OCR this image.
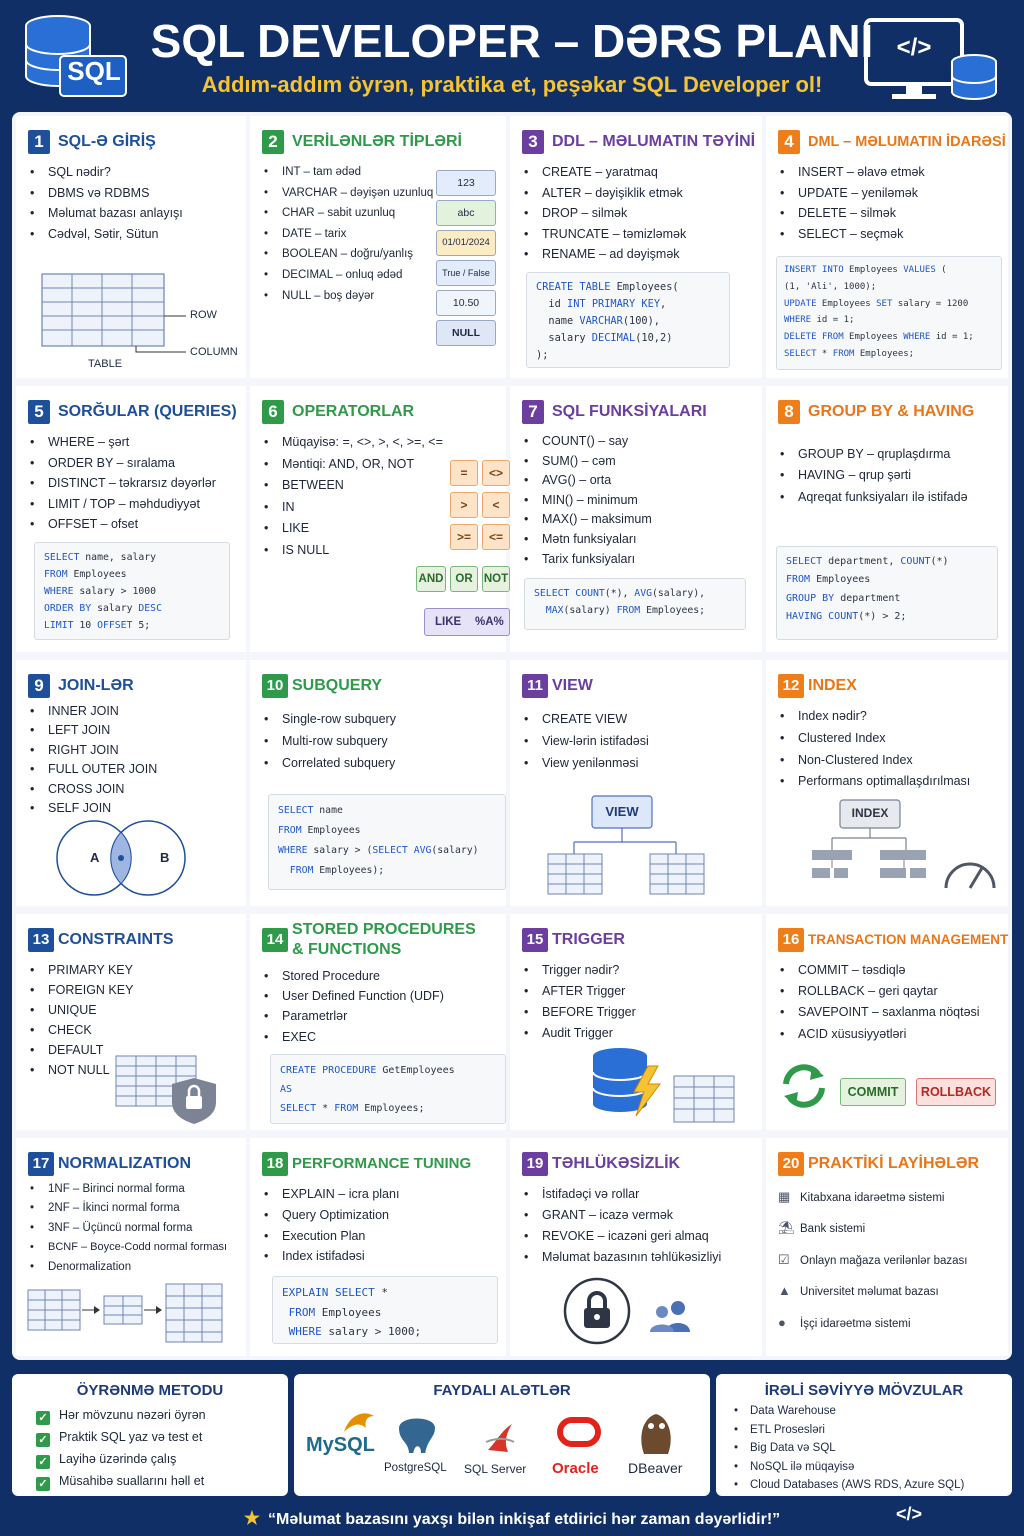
SQL
SQL DEVELOPER – DƏRS PLANI
Addım-addım öyrən, praktika et, peşəkar SQL Developer ol!
</>
1 SQL-Ə GİRİŞ
• SQL nədir?
• DBMS və RDBMS
• Məlumat bazası anlayışı
• Cədvəl, Sətir, Sütun
ROW
COLUMN
TABLE
2 VERİLƏNLƏR TİPLƏRİ
• INT – tam ədəd
• VARCHAR – dəyişən uzunluq
• CHAR – sabit uzunluq
• DATE – tarix
• BOOLEAN – doğru/yanlış
• DECIMAL – onluq ədəd
• NULL – boş dəyər
123
abc
01/01/2024
True / False
10.50
NULL
3 DDL – MƏLUMATIN TƏYİNİ
• CREATE – yaratmaq
• ALTER – dəyişiklik etmək
• DROP – silmək
• TRUNCATE – təmizləmək
• RENAME – ad dəyişmək
CREATE TABLE Employees(
id INT PRIMARY KEY,
name VARCHAR(100),
salary DECIMAL(10,2)
);
4 DML – MƏLUMATIN İDARƏSİ
• INSERT – əlavə etmək
• UPDATE – yeniləmək
• DELETE – silmək
• SELECT – seçmək
INSERT INTO Employees VALUES (
(1, 'Ali', 1000);
UPDATE Employees SET salary = 1200
WHERE id = 1;
DELETE FROM Employees WHERE id = 1;
SELECT * FROM Employees;
5 SORĞULAR (QUERIES)
• WHERE – şərt
• ORDER BY – sıralama
• DISTINCT – təkrarsız dəyərlər
• LIMIT / TOP – məhdudiyyət
• OFFSET – ofset
SELECT name, salary
FROM Employees
WHERE salary > 1000
ORDER BY salary DESC
LIMIT 10 OFFSET 5;
6 OPERATORLAR
• Müqayisə: =, <>, >, <, >=, <=
• Məntiqi: AND, OR, NOT
• BETWEEN
• IN
• LIKE
• IS NULL
=	<>
>	<
>=	<=
AND	OR NOT
LIKE %A%
7 SQL FUNKSİYALARI
• COUNT() – say
• SUM() – cəm
• AVG() – orta
• MIN() – minimum
• MAX() – maksimum
• Mətn funksiyaları
• Tarix funksiyaları
SELECT COUNT(*), AVG(salary),
MAX(salary) FROM Employees;
8 GROUP BY & HAVING
• GROUP BY – qruplaşdırma
• HAVING – qrup şərti
• Aqreqat funksiyaları ilə istifadə
SELECT department, COUNT(*)
FROM Employees
GROUP BY department
HAVING COUNT(*) > 2;
9 JOIN-LƏR
• INNER JOIN
• LEFT JOIN
• RIGHT JOIN
• FULL OUTER JOIN
• CROSS JOIN
• SELF JOIN
A	B
10 SUBQUERY
• Single-row subquery
• Multi-row subquery
• Correlated subquery
SELECT name
FROM Employees
WHERE salary > (SELECT AVG(salary)
FROM Employees);
11 VIEW
• CREATE VIEW
• View-lərin istifadəsi
• View yenilənməsi
VIEW
12 INDEX
• Index nədir?
• Clustered Index
• Non-Clustered Index
• Performans optimallaşdırılması
INDEX
13 CONSTRAINTS
• PRIMARY KEY
• FOREIGN KEY
• UNIQUE
• CHECK
• DEFAULT
• NOT NULL
14
STORED PROCEDURES
& FUNCTIONS
• Stored Procedure
• User Defined Function (UDF)
• Parametrlər
• EXEC
CREATE PROCEDURE GetEmployees
AS
SELECT * FROM Employees;
15 TRIGGER
• Trigger nədir?
• AFTER Trigger
• BEFORE Trigger
• Audit Trigger
16 TRANSACTION MANAGEMENT
• COMMIT – təsdiqlə
• ROLLBACK – geri qaytar
• SAVEPOINT – saxlanma nöqtəsi
• ACID xüsusiyyətləri
COMMIT	ROLLBACK
17 NORMALIZATION
• 1NF – Birinci normal forma
• 2NF – İkinci normal forma
• 3NF – Üçüncü normal forma
• BCNF – Boyce-Codd normal forması
• Denormalization
18 PERFORMANCE TUNING
• EXPLAIN – icra planı
• Query Optimization
• Execution Plan
• Index istifadəsi
EXPLAIN SELECT *
FROM Employees
WHERE salary > 1000;
19 TƏHLÜKƏSİZLİK
• İstifadəçi və rollar
• GRANT – icazə vermək
• REVOKE – icazəni geri almaq
• Məlumat bazasının təhlükəsizliyi
20 PRAKTİKİ LAYİHƏLƏR
▦ Kitabxana idarəetmə sistemi
⛱ Bank sistemi
☑ Onlayn mağaza verilənlər bazası
▲ Universitet məlumat bazası
● İşçi idarəetmə sistemi
ÖYRƏNMƏ METODU
✓ Hər mövzunu nəzəri öyrən
✓ Praktik SQL yaz və test et
✓ Layihə üzərində çalış
✓ Müsahibə suallarını həll et
FAYDALI ALƏTLƏR
MySQL
PostgreSQL SQL Server Oracle DBeaver
İRƏLİ SƏVİYYƏ MÖVZULAR
• Data Warehouse
• ETL Prosesləri
• Big Data və SQL
• NoSQL ilə müqayisə
• Cloud Databases (AWS RDS, Azure SQL)
★ “Məlumat bazasını yaxşı bilən inkişaf etdirici hər zaman dəyərlidir!”	</>
